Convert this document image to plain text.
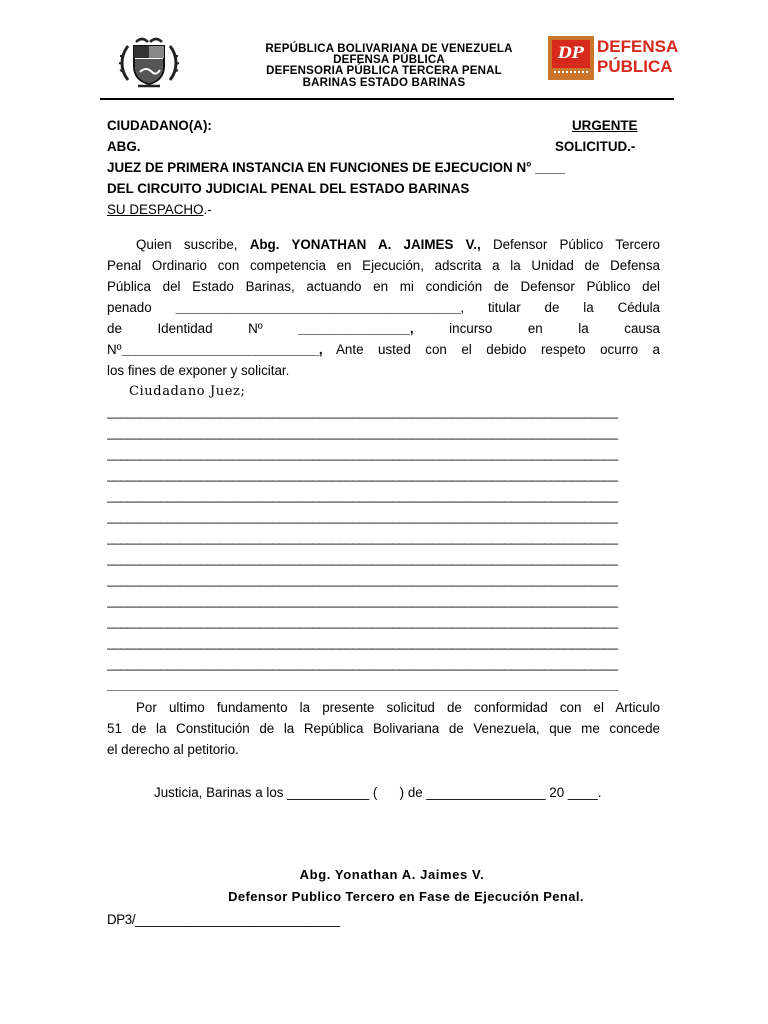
REPÚBLICA BOLIVARIANA DE VENEZUELA
DEFENSA PÚBLICA
DEFENSORIA PÚBLICA TERCERA PENAL
BARINAS ESTADO BARINAS
DP DEFENSA
PÚBLICA
CIUDADANO(A):	URGENTE
ABG.	SOLICITUD.-
JUEZ DE PRIMERA INSTANCIA EN FUNCIONES DE EJECUCION N° ____
DEL CIRCUITO JUDICIAL PENAL DEL ESTADO BARINAS
SU DESPACHO.-
Quien suscribe, Abg. YONATHAN A. JAIMES V., Defensor Público Tercero
Penal Ordinario con competencia en Ejecución, adscrita a la Unidad de Defensa
Pública del Estado Barinas, actuando en mi condición de Defensor Público del
penado _________________________________________, titular de la Cédula
de	Identidad	Nº	_______________,	incurso	en	la	causa
Nº____________________________, Ante usted con el debido respeto ocurro a
los fines de exponer y solicitar.
Ciudadano Juez;
_____________________________________________________________________________
_____________________________________________________________________________
_____________________________________________________________________________
_____________________________________________________________________________
_____________________________________________________________________________
_____________________________________________________________________________
_____________________________________________________________________________
_____________________________________________________________________________
_____________________________________________________________________________
_____________________________________________________________________________
_____________________________________________________________________________
_____________________________________________________________________________
_____________________________________________________________________________
_____________________________________________________________________________
Por ultimo fundamento la presente solicitud de conformidad con el Articulo
51 de la Constitución de la República Bolivariana de Venezuela, que me concede
el derecho al petitorio.
Justicia, Barinas a los ___________ (      ) de ________________ 20 ____.
Abg. Yonathan A. Jaimes V.
Defensor Publico Tercero en Fase de Ejecución Penal.
DP3/_____________________________
